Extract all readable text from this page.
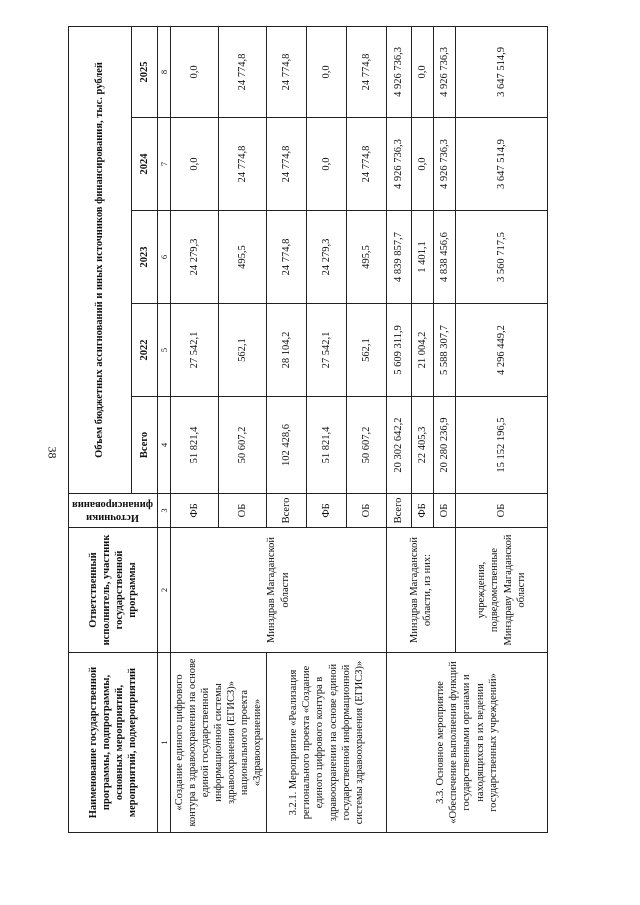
38
Наименование государственной программы, подпрограммы, основных мероприятий, мероприятий, подмероприятий	Ответственный исполнитель, участник государственной программы	Источники финансирования	Объем бюджетных ассигнований и иных источников финансирования, тыс. рублей				
			Всего	2022	2023	2024	2025
1	2	3	4	5	6	7	8
«Создание единого цифрового контура в здравоохранении на основе единой государственной информационной системы здравоохранения (ЕГИСЗ)» национального проекта «Здравоохранение»	Минздрав Магаданской области	ФБ	51 821,4	27 542,1	24 279,3	0,0	0,0
		ОБ	50 607,2	562,1	495,5	24 774,8	24 774,8
3.2.1. Мероприятие «Реализация регионального проекта «Создание единого цифрового контура в здравоохранении на основе единой государственной информационной системы здравоохранения (ЕГИСЗ)»		Всего	102 428,6	28 104,2	24 774,8	24 774,8	24 774,8
		ФБ	51 821,4	27 542,1	24 279,3	0,0	0,0
		ОБ	50 607,2	562,1	495,5	24 774,8	24 774,8
3.3. Основное мероприятие «Обеспечение выполнения функций государственными органами и находящихся в их ведении государственных учреждений»	Минздрав Магаданской области, из них:	Всего	20 302 642,2	5 609 311,9	4 839 857,7	4 926 736,3	4 926 736,3
		ФБ	22 405,3	21 004,2	1 401,1	0,0	0,0
		ОБ	20 280 236,9	5 588 307,7	4 838 456,6	4 926 736,3	4 926 736,3
	учреждения, подведомственные Минздраву Магаданской области	ОБ	15 152 196,5	4 296 449,2	3 560 717,5	3 647 514,9	3 647 514,9
